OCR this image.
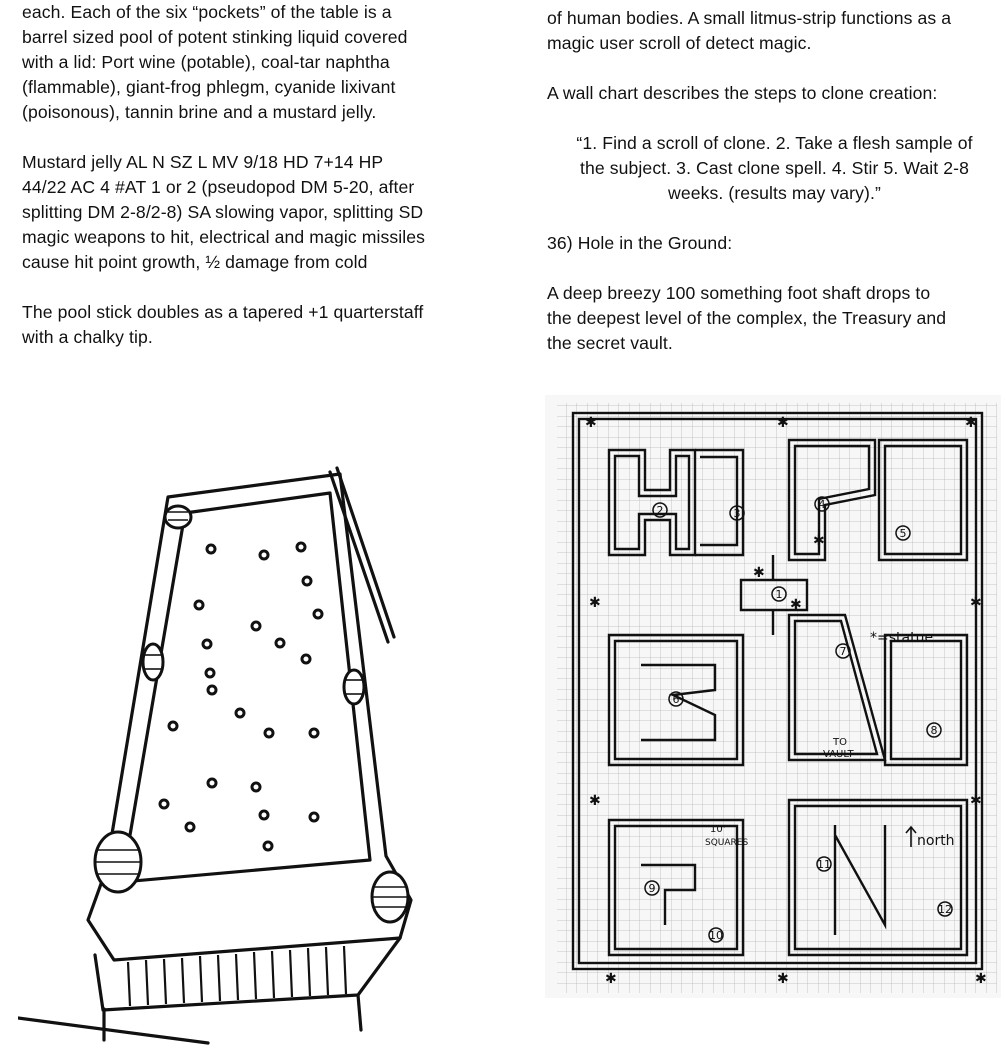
each. Each of the six “pockets” of the table is a

barrel sized pool of potent stinking liquid covered

with a lid: Port wine (potable), coal-tar naphtha

(flammable), giant-frog phlegm, cyanide lixivant

(poisonous), tannin brine and a mustard jelly.

Mustard jelly AL N SZ L MV 9/18 HD 7+14 HP

44/22 AC 4 #AT 1 or 2 (pseudopod DM 5-20, after

splitting DM 2-8/2-8) SA slowing vapor, splitting SD

magic weapons to hit, electrical and magic missiles

cause hit point growth, ½ damage from cold

The pool stick doubles as a tapered +1 quarterstaff

with a chalky tip.

of human bodies. A small litmus-strip functions as a

magic user scroll of detect magic.

A wall chart describes the steps to clone creation:

“1. Find a scroll of clone. 2. Take a flesh sample of

the subject. 3. Cast clone spell. 4. Stir 5. Wait 2-8

weeks. (results may vary).”

36) Hole in the Ground:

A deep breezy 100 something foot shaft drops to

the deepest level of the complex, the Treasury and

the secret vault.

✱	✱	✱
✱	✱
✱	✱
✱	✱	✱
✱
✱
✱
1
2	3
4
5
6
7
8
9
10
11
12
*=statue
TO
VAULT
10'
SQUARES	north
